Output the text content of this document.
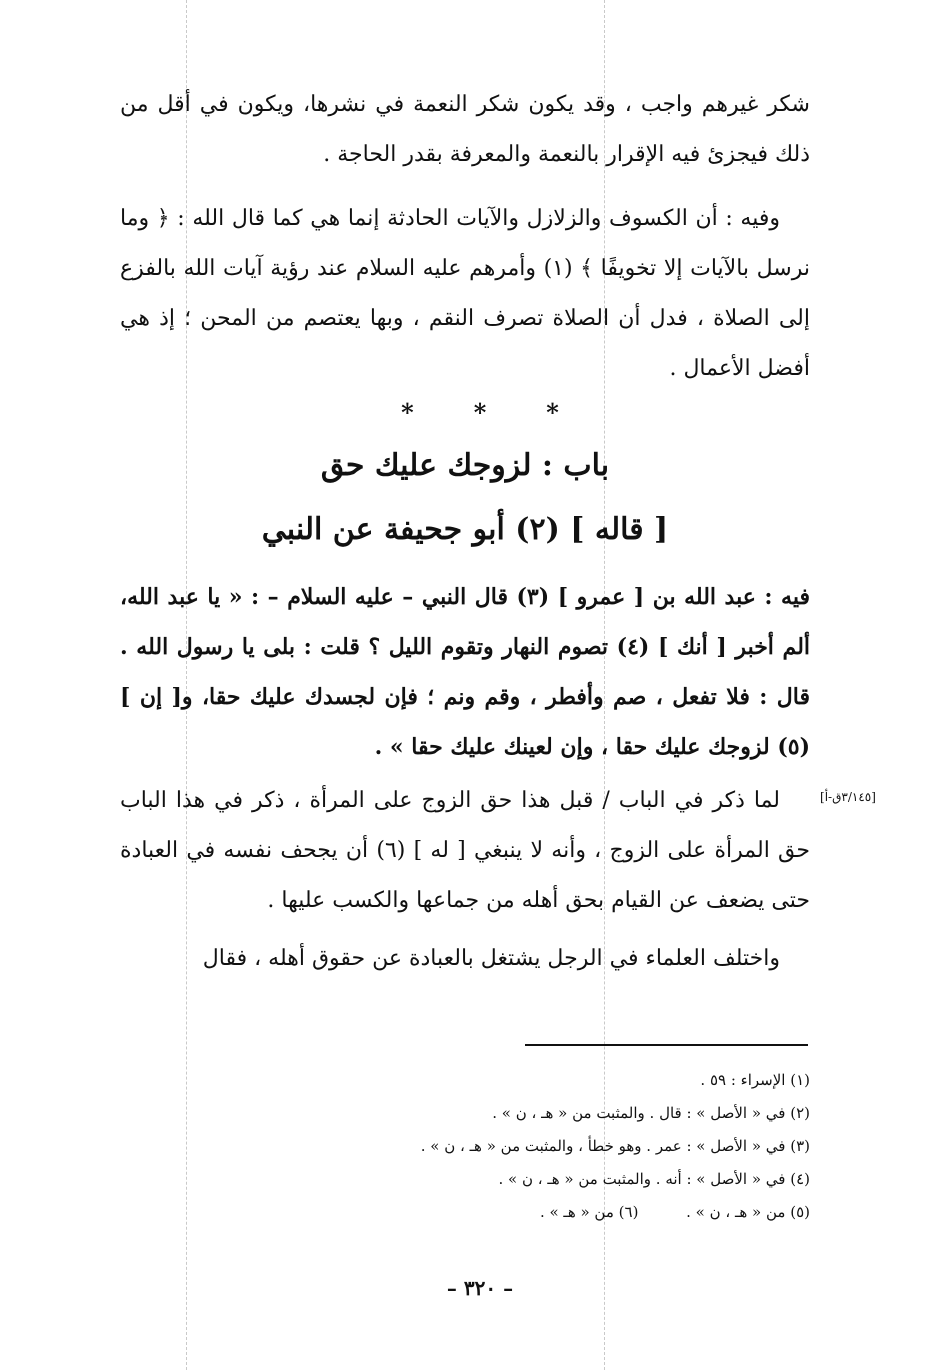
شكر غيرهم واجب ، وقد يكون شكر النعمة في نشرها، ويكون في أقل من ذلك فيجزئ فيه الإقرار بالنعمة والمعرفة بقدر الحاجة .

وفيه : أن الكسوف والزلازل والآيات الحادثة إنما هي كما قال الله : ﴿ وما نرسل بالآيات إلا تخويفًا ﴾ (١) وأمرهم عليه السلام عند رؤية آيات الله بالفزع إلى الصلاة ، فدل أن الصلاة تصرف النقم ، وبها يعتصم من المحن ؛ إذ هي أفضل الأعمال .

*	*	*
باب : لزوجك عليك حق
[ قاله ] (٢) أبو جحيفة عن النبي

فيه : عبد الله بن [ عمرو ] (٣) قال النبي – عليه السلام – : « يا عبد الله، ألم أخبر [ أنك ] (٤) تصوم النهار وتقوم الليل ؟ قلت : بلى يا رسول الله . قال : فلا تفعل ، صم وأفطر ، وقم ونم ؛ فإن لجسدك عليك حقا، و[ إن ] (٥) لزوجك عليك حقا ، وإن لعينك عليك حقا » .

[٣/١٤٥ق-أ]

لما ذكر في الباب / قبل هذا حق الزوج على المرأة ، ذكر في هذا الباب حق المرأة على الزوج ، وأنه لا ينبغي [ له ] (٦) أن يجحف نفسه في العبادة حتى يضعف عن القيام بحق أهله من جماعها والكسب عليها .

واختلف العلماء في الرجل يشتغل بالعبادة عن حقوق أهله ، فقال

(١) الإسراء : ٥٩ .

(٢) في « الأصل » : قال . والمثبت من « هـ ، ن » .

(٣) في « الأصل » : عمر . وهو خطأ ، والمثبت من « هـ ، ن » .

(٤) في « الأصل » : أنه . والمثبت من « هـ ، ن » .

(٥) من « هـ ، ن » .          (٦) من « هـ » .

– ٣٢٠ –
